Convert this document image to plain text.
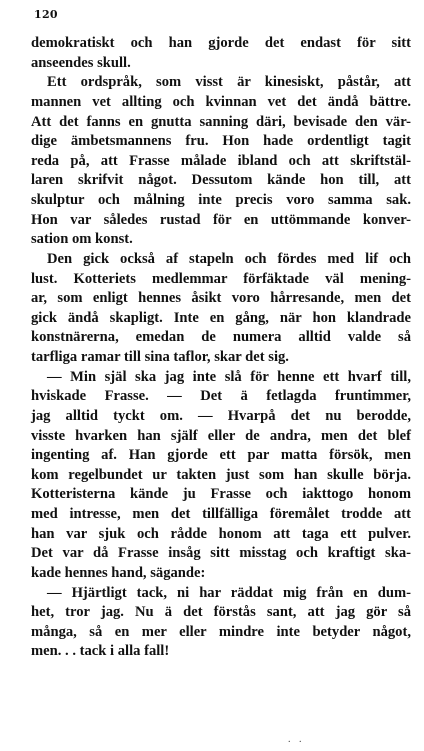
120
demokratiskt och han gjorde det endast för sitt
anseendes skull.
Ett ordspråk, som visst är kinesiskt, påstår, att
mannen vet allting och kvinnan vet det ändå bättre.
Att det fanns en gnutta sanning däri, bevisade den vär-
dige ämbetsmannens fru. Hon hade ordentligt tagit
reda på, att Frasse målade ibland och att skriftstäl-
laren skrifvit något. Dessutom kände hon till, att
skulptur och målning inte precis voro samma sak.
Hon var således rustad för en uttömmande konver-
sation om konst.
Den gick också af stapeln och fördes med lif och
lust. Kotteriets medlemmar förfäktade väl mening-
ar, som enligt hennes åsikt voro hårresande, men det
gick ändå skapligt. Inte en gång, när hon klandrade
konstnärerna, emedan de numera alltid valde så
tarfliga ramar till sina taflor, skar det sig.
— Min själ ska jag inte slå för henne ett hvarf till,
hviskade Frasse. — Det ä fetlagda fruntimmer,
jag alltid tyckt om. — Hvarpå det nu berodde,
visste hvarken han själf eller de andra, men det blef
ingenting af. Han gjorde ett par matta försök, men
kom regelbundet ur takten just som han skulle börja.
Kotteristerna kände ju Frasse och iakttogo honom
med intresse, men det tillfälliga föremålet trodde att
han var sjuk och rådde honom att taga ett pulver.
Det var då Frasse insåg sitt misstag och kraftigt ska-
kade hennes hand, sägande:
— Hjärtligt tack, ni har räddat mig från en dum-
het, tror jag. Nu ä det förstås sant, att jag gör så
många, så en mer eller mindre inte betyder något,
men. . . tack i alla fall!
. .
